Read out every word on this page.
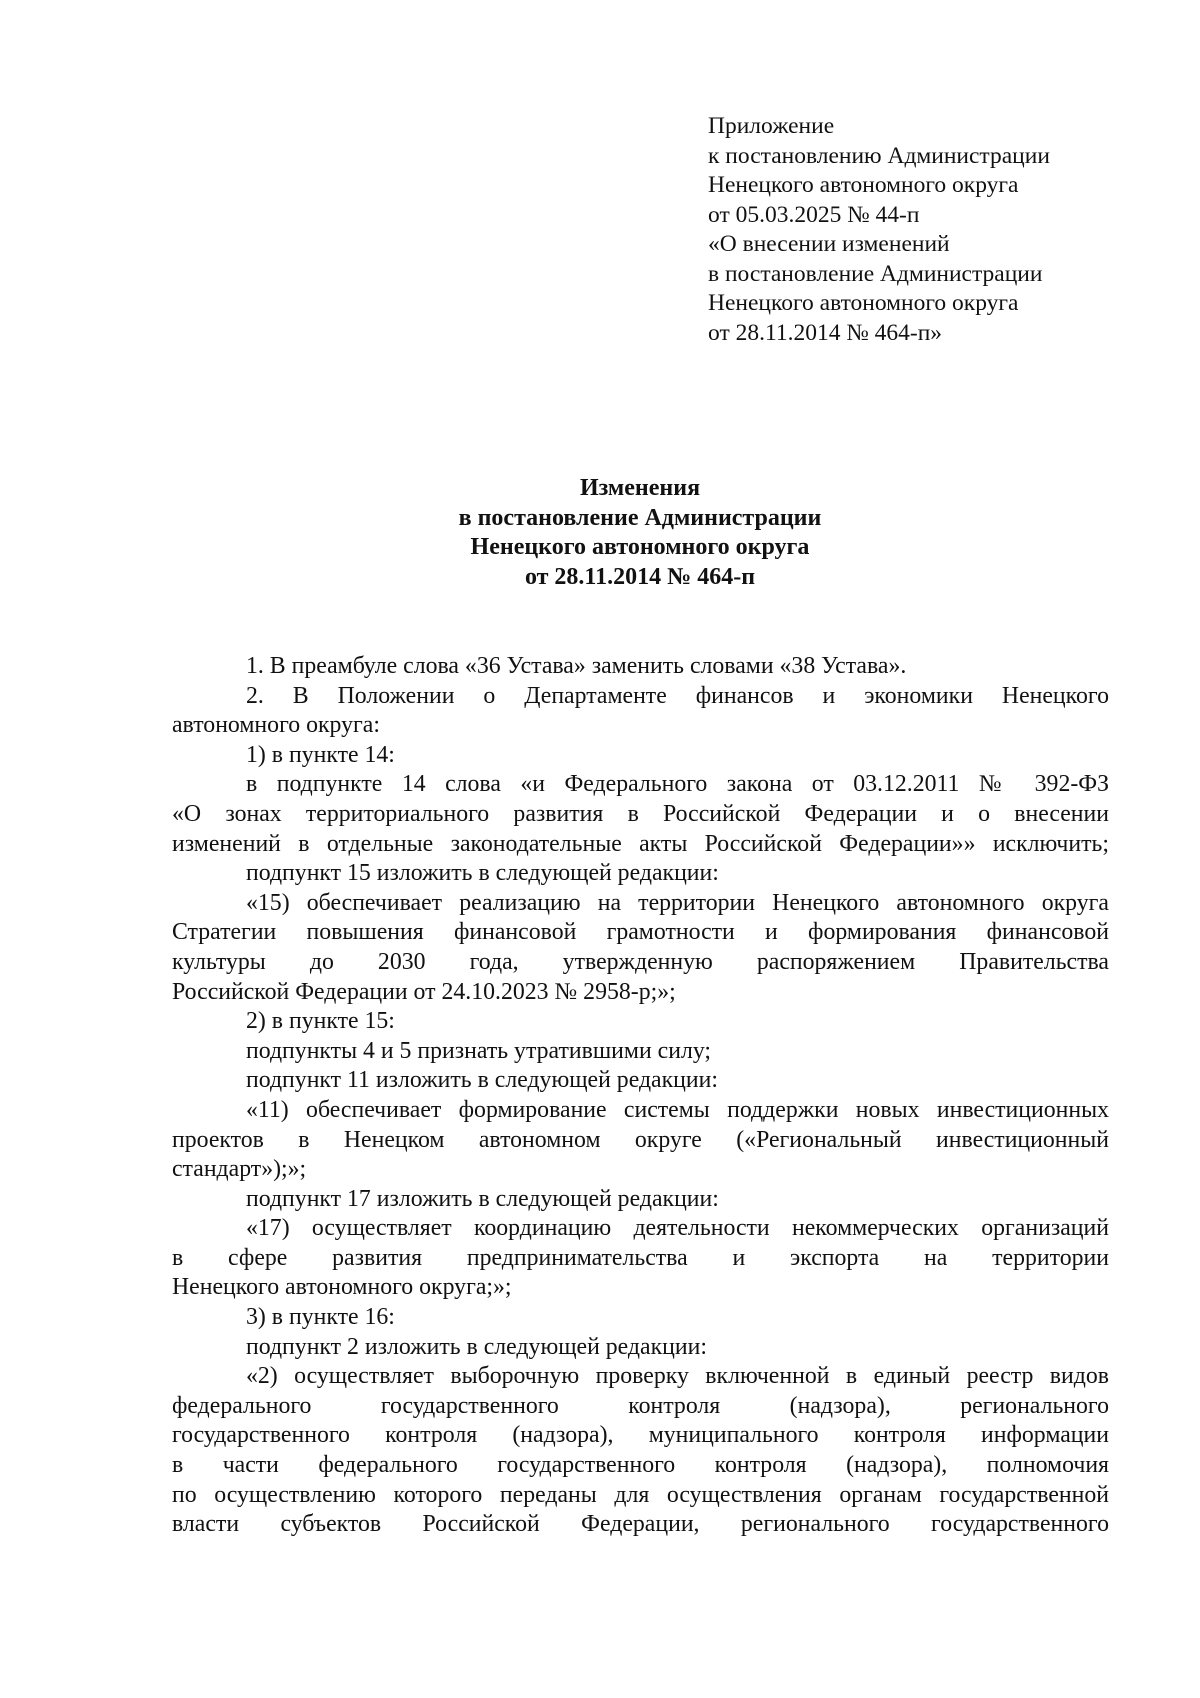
Приложение
к постановлению Администрации
Ненецкого автономного округа
от 05.03.2025 № 44-п
«О внесении изменений
в постановление Администрации
Ненецкого автономного округа
от 28.11.2014 № 464-п»
Изменения
в постановление Администрации
Ненецкого автономного округа
от 28.11.2014 № 464-п
1. В преамбуле слова «36 Устава» заменить словами «38 Устава».
2. В Положении о Департаменте финансов и экономики Ненецкого
автономного округа:
1) в пункте 14:
в подпункте 14 слова «и Федерального закона от 03.12.2011 № 392-ФЗ
«О зонах территориального развития в Российской Федерации и о внесении
изменений в отдельные законодательные акты Российской Федерации»» исключить;
подпункт 15 изложить в следующей редакции:
«15) обеспечивает реализацию на территории Ненецкого автономного округа
Стратегии повышения финансовой грамотности и формирования финансовой
культуры до 2030 года, утвержденную распоряжением Правительства
Российской Федерации от 24.10.2023 № 2958-р;»;
2) в пункте 15:
подпункты 4 и 5 признать утратившими силу;
подпункт 11 изложить в следующей редакции:
«11) обеспечивает формирование системы поддержки новых инвестиционных
проектов в Ненецком автономном округе («Региональный инвестиционный
стандарт»);»;
подпункт 17 изложить в следующей редакции:
«17) осуществляет координацию деятельности некоммерческих организаций
в сфере развития предпринимательства и экспорта на территории
Ненецкого автономного округа;»;
3) в пункте 16:
подпункт 2 изложить в следующей редакции:
«2) осуществляет выборочную проверку включенной в единый реестр видов
федерального государственного контроля (надзора), регионального
государственного контроля (надзора), муниципального контроля информации
в части федерального государственного контроля (надзора), полномочия
по осуществлению которого переданы для осуществления органам государственной
власти субъектов Российской Федерации, регионального государственного
